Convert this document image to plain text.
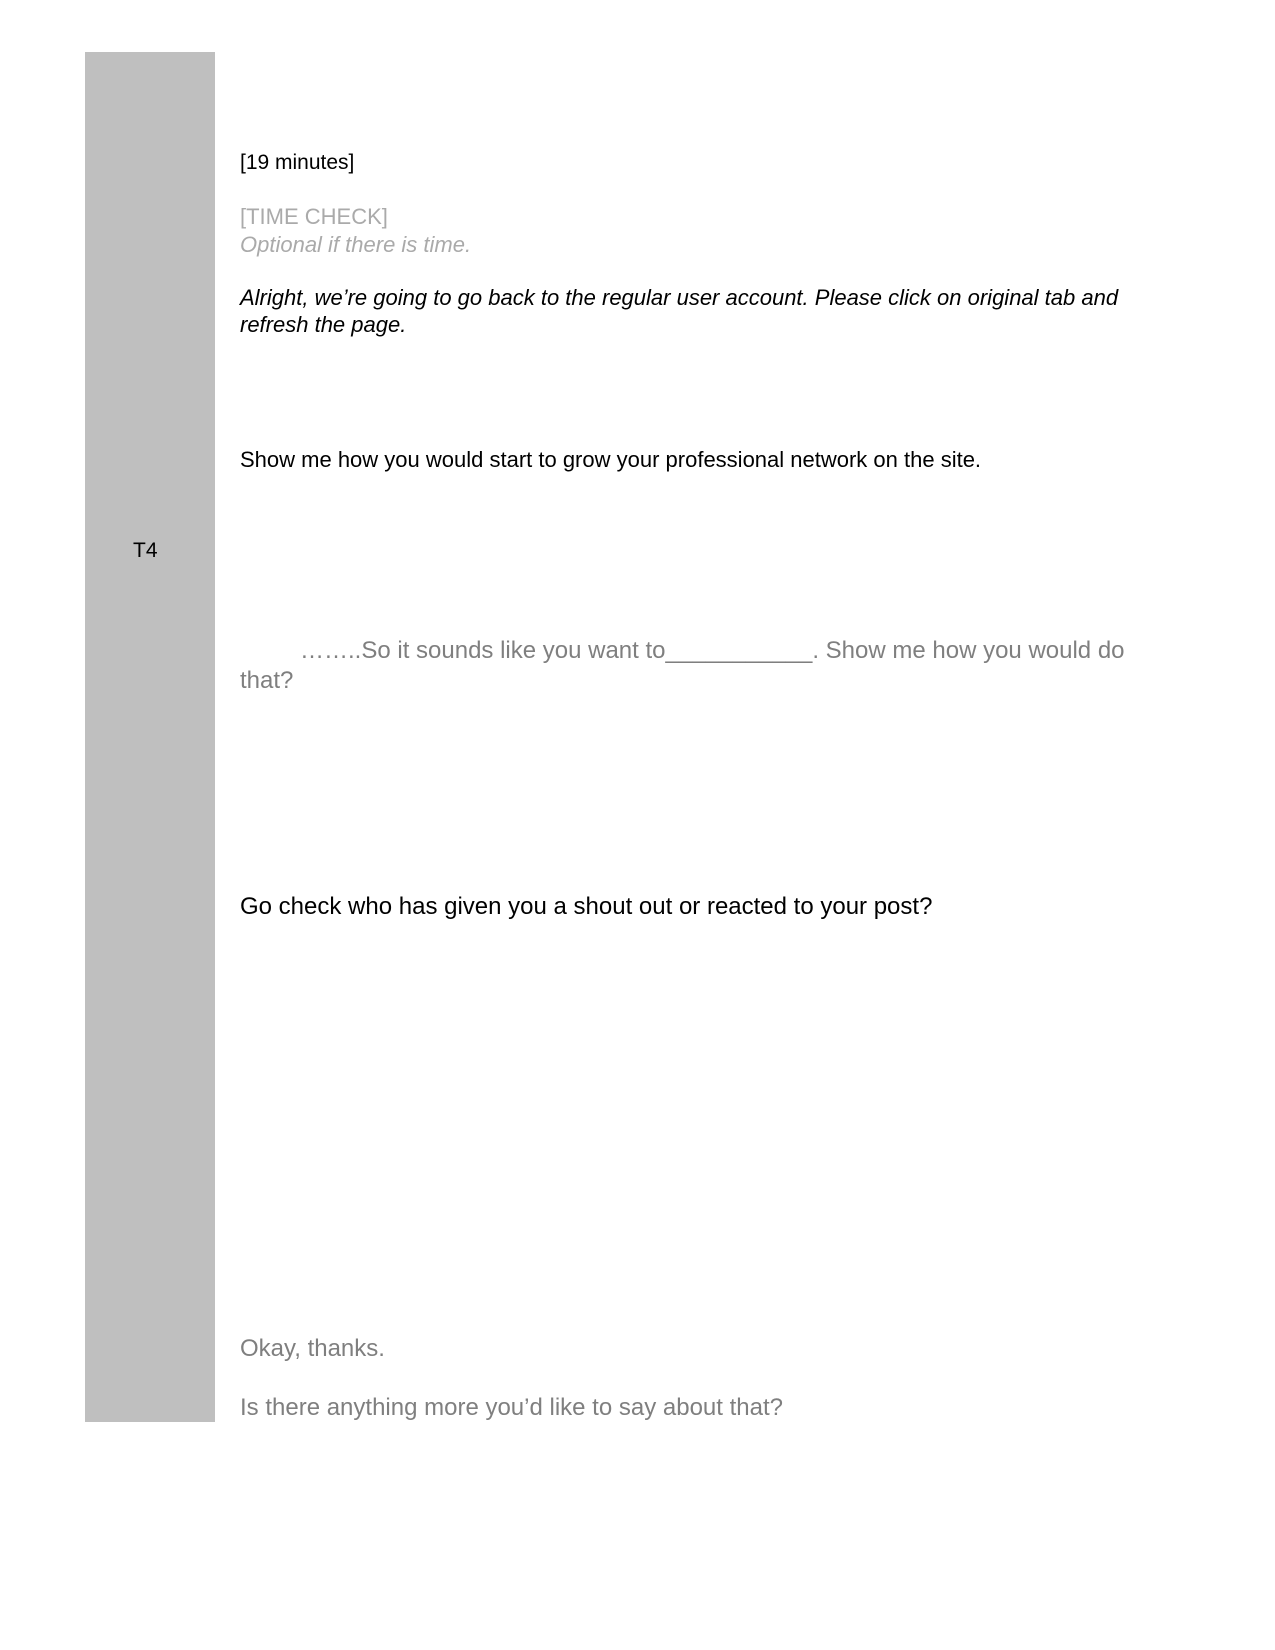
T4

[19 minutes]

[TIME CHECK]

Optional if there is time.

Alright, we’re going to go back to the regular user account. Please click on original tab and refresh the page.

Show me how you would start to grow your professional network on the site.

……..So it sounds like you want to___________. Show me how you would do that?

Go check who has given you a shout out or reacted to your post?

Okay, thanks.

Is there anything more you’d like to say about that?
